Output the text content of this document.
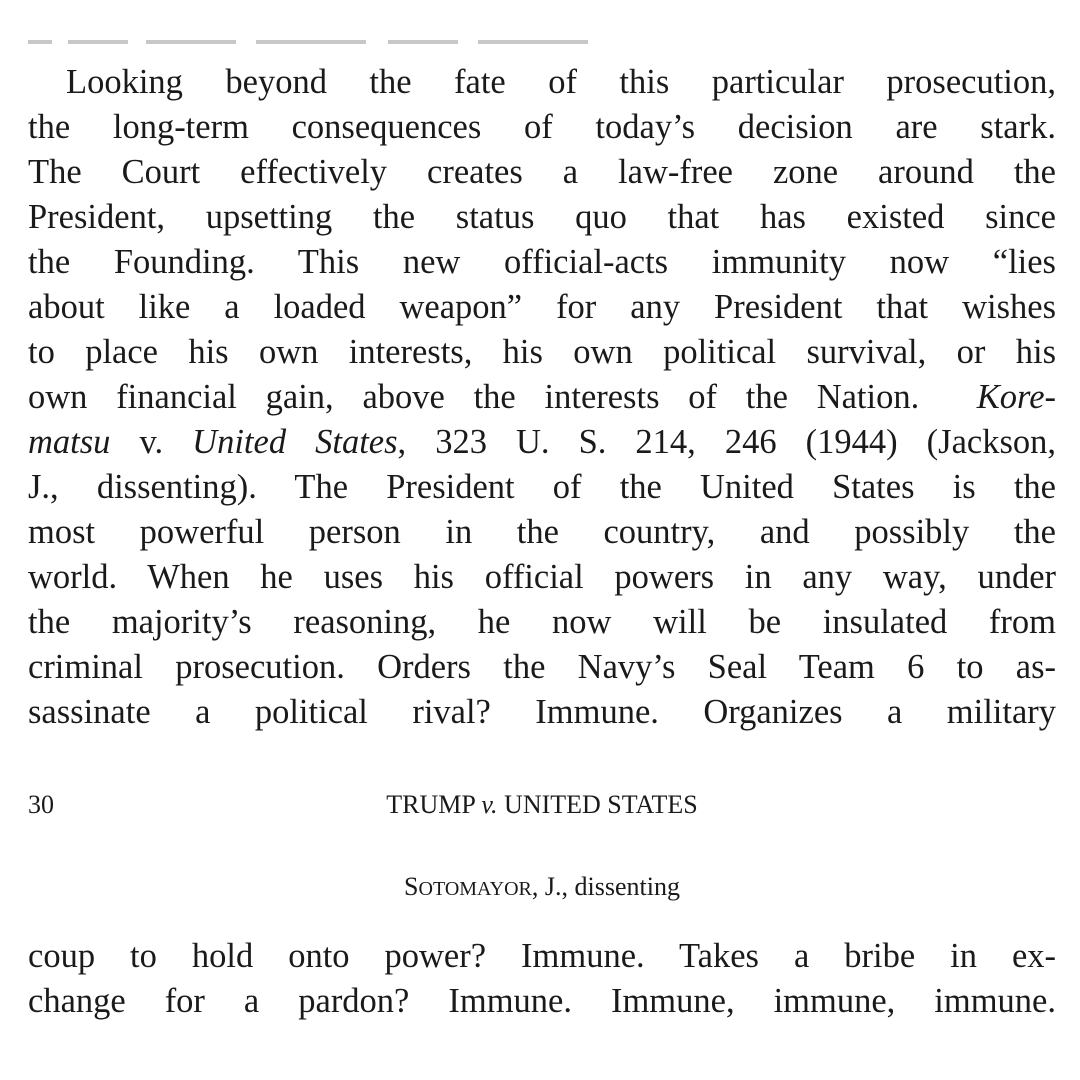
Looking beyond the fate of this particular prosecution,
the long-term consequences of today’s decision are stark.
The Court effectively creates a law-free zone around the
President, upsetting the status quo that has existed since
the Founding. This new official-acts immunity now “lies
about like a loaded weapon” for any President that wishes
to place his own interests, his own political survival, or his
own financial gain, above the interests of the Nation. Kore-
matsu v. United States, 323 U. S. 214, 246 (1944) (Jackson,
J., dissenting). The President of the United States is the
most powerful person in the country, and possibly the
world. When he uses his official powers in any way, under
the majority’s reasoning, he now will be insulated from
criminal prosecution. Orders the Navy’s Seal Team 6 to as-
sassinate a political rival? Immune. Organizes a military
30	TRUMP v. UNITED STATES
SOTOMAYOR, J., dissenting
coup to hold onto power? Immune. Takes a bribe in ex-
change for a pardon? Immune. Immune, immune, immune.
